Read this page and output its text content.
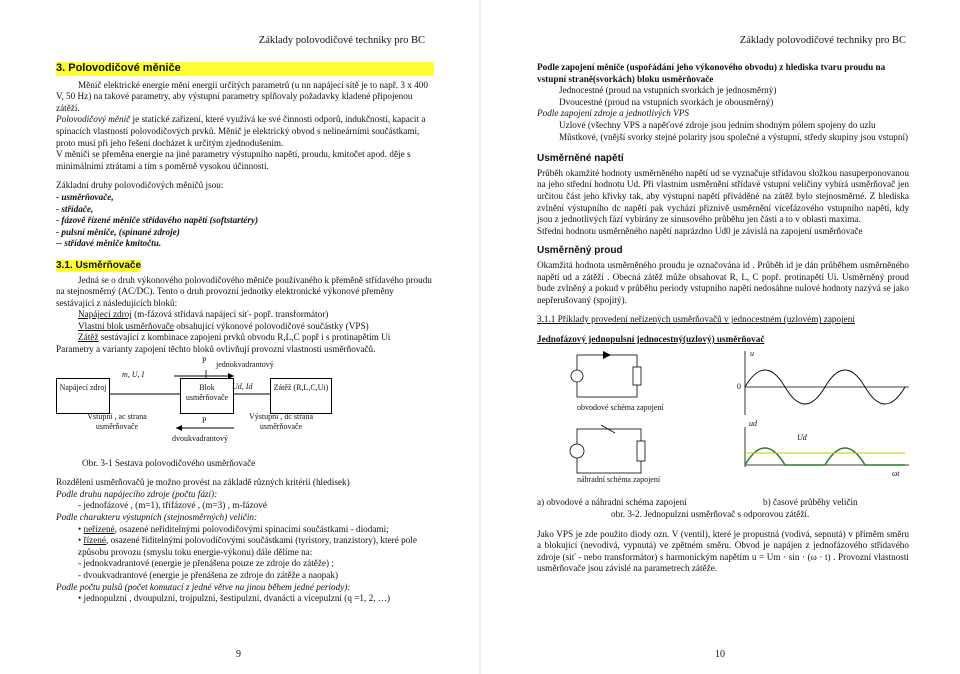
Základy polovodičové techniky pro BC
3. Polovodičové měniče

Měnič elektrické energie mění energii určitých parametrů (u nn napájecí sítě je to např. 3 x 400 V, 50 Hz) na takové parametry, aby výstupní parametry splňovaly požadavky kladené připojenou zátěží.

Polovodičový měnič je statické zařízení, které využívá ke své činnosti odporů, indukčností, kapacit a spínacích vlastností polovodičových prvků. Měnič je elektrický obvod s nelineárními součástkami, proto musí při jeho řešení docházet k určitým zjednodušením.

V měniči se přeměna energie na jiné parametry výstupního napětí, proudu, kmitočet apod. děje s minimálními ztrátami a tím s poměrně vysokou účinností.

Základní druhy polovodičových měničů jsou:

- usměrňovače,

- střídače,

- fázově řízené měniče střídavého napětí (softstartéry)

- pulsní měniče, (spínané zdroje)

-- střídavé měniče kmitočtu.

3.1. Usměrňovače

Jedná se o druh výkonového polovodičového měniče používaného k přeměně střídavého proudu na stejnosměrný (AC/DC). Tento o druh provozní jednotky elektronické výkonové přeměny sestávající z následujících bloků:

Napájecí zdroj (m-fázová střídavá napájecí síť- popř. transformátor)

Vlastní blok usměrňovače obsahující výkonové polovodičové součástky (VPS)

Zátěž sestávající z kombinace zapojení prvků obvodu R,L,C popř i s protinapětím Ui

Parametry a varianty zapojení těchto bloků ovlivňují provozní vlastnosti usměrňovačů.

Napájecí zdroj	Blok usměrňovače
Zátěž (R,L,C,Ui)
P jednokvadrantový
m, U, I
Ud, Id
Vstupní , ac strana usměrňovače
P	Výstupní , dc strana usměrňovače
dvoukvadrantový

Obr. 3-1 Sestava polovodičového usměrňovače

Rozdělení usměrňovačů je možno provést na základě různých kritérií (hledisek)

Podle druhu napájecího zdroje (počtu fází):

- jednofázové , (m=1), třífázové , (m=3) , m-fázové

Podle charakteru výstupních (stejnosměrných) veličin:

• neřízené, osazené neřiditelnými polovodičovými spínacími součástkami - diodami;

• řízené, osazené řiditelnými polovodičovými součástkami (tyristory, tranzistory), které pole způsobu provozu (smyslu toku energie-výkonu) dále dělíme na:

- jednokvadrantové (energie je přenášena pouze ze zdroje do zátěže) ;

- dvoukvadrantové (energie je přenášena ze zdroje do zátěže a naopak)

Podle počtu pulsů (počet komutací z jedné větve na jinou během jedné periody):

• jednopulzní , dvoupulzní, trojpulzní, šestipulzní, dvanácti a vícepulzní (q =1, 2, …)

9
Základy polovodičové techniky pro BC

Podle zapojení měniče (uspořádání jeho výkonového obvodu) z hlediska tvaru proudu na vstupní straně(svorkách) bloku usměrňovače

Jednocestné (proud na vstupních svorkách je jednosměrný)

Dvoucestné (proud na vstupních svorkách je obousměrný)

Podle zapojení zdroje a jednotlivých VPS

Uzlové (všechny VPS a napěťové zdroje jsou jedním shodným pólem spojeny do uzlu

Můstkové, (vnější svorky stejné polarity jsou společné a výstupní, středy skupiny jsou vstupní)

Usměrněné napětí

Průběh okamžité hodnoty usměrněného napětí ud se vyznačuje střídavou složkou nasuperponovanou na jeho střední hodnotu Ud. Při vlastním usměrnění střídavé vstupní veličiny vybírá usměrňovač jen určitou část jeho křivky tak, aby výstupní napětí přiváděné na zátěž bylo stejnosměrné. Z hlediska zvlnění výstupního dc napětí pak vychází přiznivě usměrnění vícefázového vstupního napětí, kdy jsou z jednotlivých fází vybírány ze sinusového průběhu jen části a to v oblasti maxima.

Střední hodnotu usměrněného napětí naprázdno Ud0 je závislá na zapojení usměrňovače

Usměrněný proud

Okamžitá hodnota usměrněného proudu je označována id . Průběh id je dán průběhem usměrněného napětí ud a zátěží . Obecná zátěž může obsahovat R, L, C popř. protinapětí Ui. Usměrněný proud bude zvlněný a pokud v průběhu periody vstupního napětí nedosáhne nulové hodnoty nazývá se jako nepřerušovaný (spojitý).

3.1.1 Příklady provedení neřízených usměrňovačů v jednocestném (uzlovém) zapojení

Jednofázový jednopulsní jednocestný(uzlový) usměrňovač

obvodové schéma zapojení
náhradní schéma zapojení
u
0
ud
Ud
ωt

a) obvodové a náhradní schéma zapojení	b) časové průběhy veličin

obr. 3-2. Jednopulzní usměrňovač s odporovou zátěží.

Jako VPS je zde použito diody ozn. V (ventil), které je propustná (vodivá, sepnutá) v příměm směru a blokující (nevodivá, vypnutá) ve zpětném směru. Obvod je napájen z jednofázového střídavého zdroje (síť - nebo transformátor) s harmonickým napětím u = Um · sin · (ω · t) . Provozní vlastnosti usměrňovače jsou závislé na parametrech zátěže.

10
